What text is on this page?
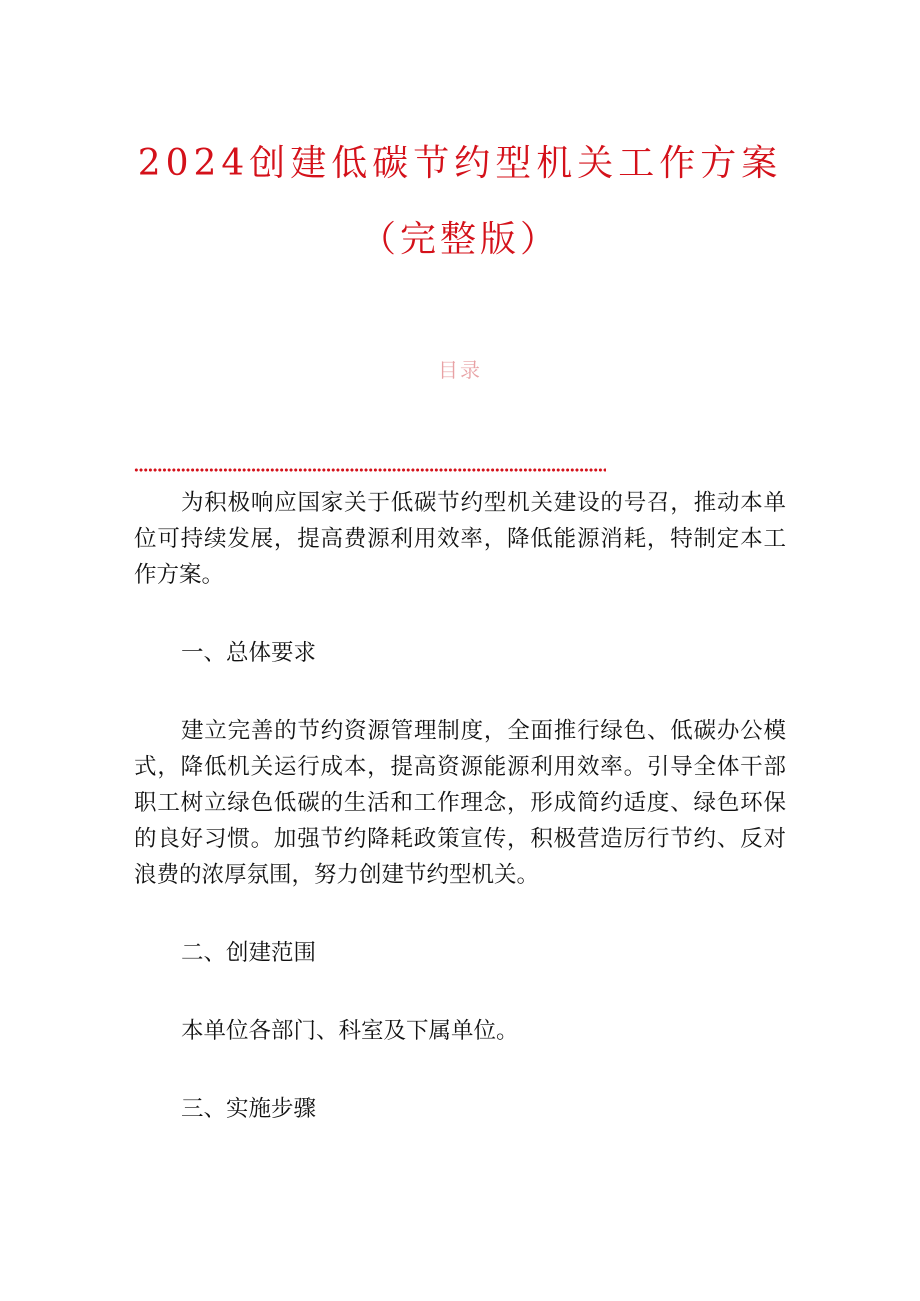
2024创建低碳节约型机关工作方案
（完整版）
目录

为积极响应国家关于低碳节约型机关建设的号召，推动本单位可持续发展，提高费源利用效率，降低能源消耗，特制定本工作方案。

一、总体要求

建立完善的节约资源管理制度，全面推行绿色、低碳办公模式，降低机关运行成本，提高资源能源利用效率。引导全体干部职工树立绿色低碳的生活和工作理念，形成简约适度、绿色环保的良好习惯。加强节约降耗政策宣传，积极营造厉行节约、反对浪费的浓厚氛围，努力创建节约型机关。

二、创建范围

本单位各部门、科室及下属单位。

三、实施步骤
